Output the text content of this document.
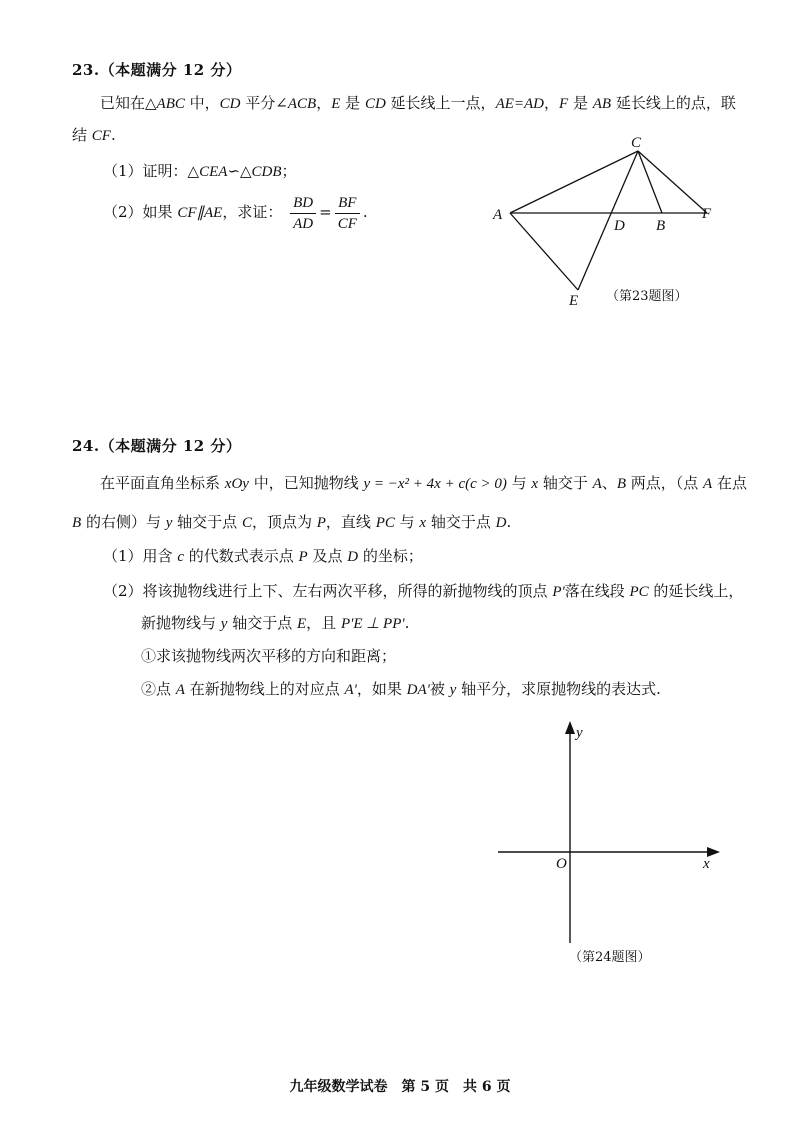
23.（本题满分 12 分）
已知在△ABC 中，CD 平分∠ACB，E 是 CD 延长线上一点，AE=AD，F 是 AB 延长线上的点，联
结 CF.
（1）证明：△CEA∽△CDB；
（2）如果 CF∥AE，求证： $\frac{BD}{AD} = \frac{BF}{CF}$ .	A
C
D B
F
E （第23题图）
24.（本题满分 12 分）
在平面直角坐标系 xOy 中，已知抛物线 y = −x² + 4x + c(c > 0) 与 x 轴交于 A、B 两点，（点 A 在点
B 的右侧）与 y 轴交于点 C，顶点为 P，直线 PC 与 x 轴交于点 D.
（1）用含 c 的代数式表示点 P 及点 D 的坐标；
（2）将该抛物线进行上下、左右两次平移，所得的新抛物线的顶点 P'落在线段 PC 的延长线上，
新抛物线与 y 轴交于点 E，且 P'E ⊥ PP'.
①求该抛物线两次平移的方向和距离；
②点 A 在新抛物线上的对应点 A'，如果 DA'被 y 轴平分，求原抛物线的表达式.
y
x
O
（第24题图）
九年级数学试卷　第 5 页　共 6 页
